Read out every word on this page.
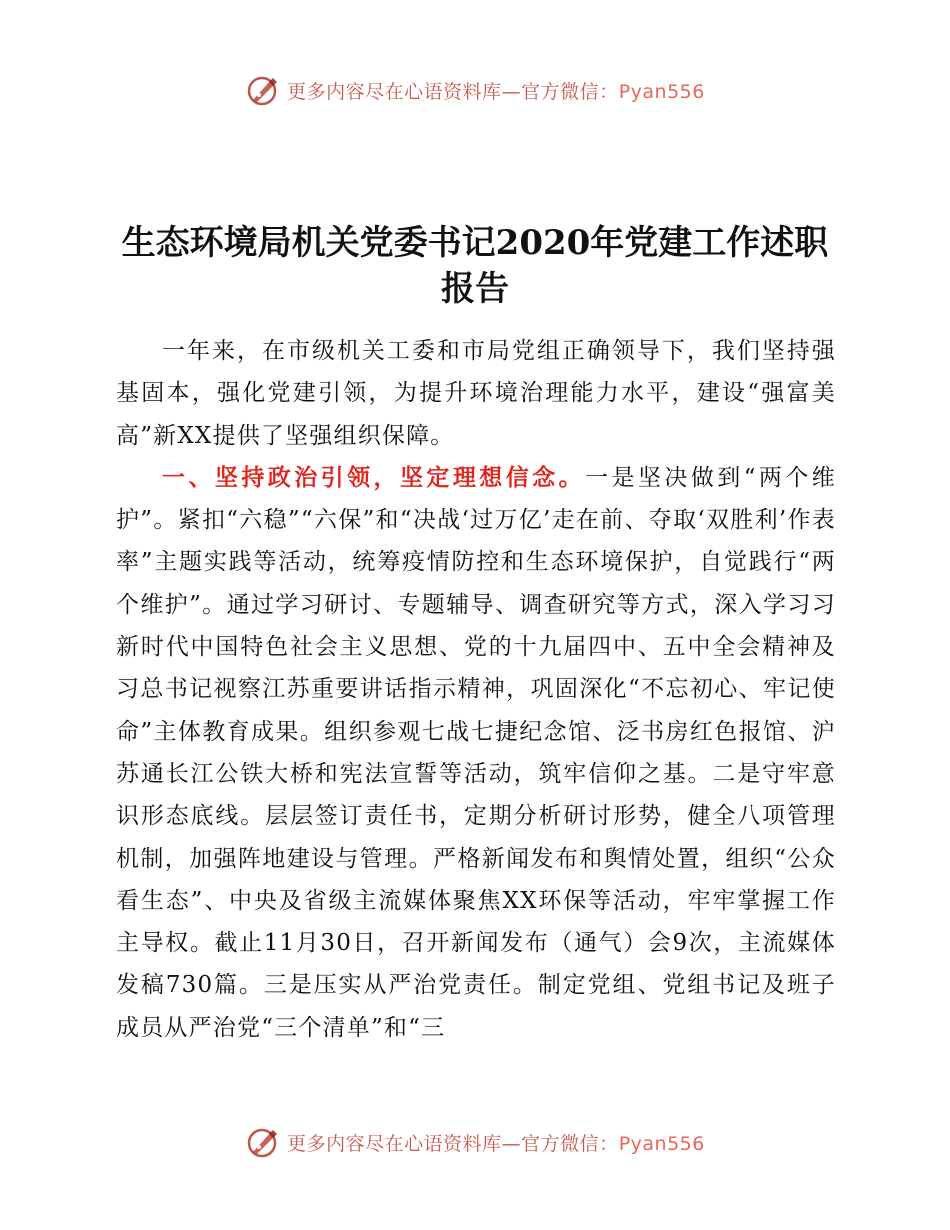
更多内容尽在心语资料库—官方微信：Pyan556
生态环境局机关党委书记2020年党建工作述职
报告

一年来，在市级机关工委和市局党组正确领导下，我们坚持强基固本，强化党建引领，为提升环境治理能力水平，建设“强富美高”新XX提供了坚强组织保障。

一、坚持政治引领，坚定理想信念。一是坚决做到“两个维护”。紧扣“六稳”“六保”和“决战‘过万亿’走在前、夺取‘双胜利’作表率”主题实践等活动，统筹疫情防控和生态环境保护，自觉践行“两个维护”。通过学习研讨、专题辅导、调查研究等方式，深入学习习新时代中国特色社会主义思想、党的十九届四中、五中全会精神及习总书记视察江苏重要讲话指示精神，巩固深化“不忘初心、牢记使命”主体教育成果。组织参观七战七捷纪念馆、泛书房红色报馆、沪苏通长江公铁大桥和宪法宣誓等活动，筑牢信仰之基。二是守牢意识形态底线。层层签订责任书，定期分析研讨形势，健全八项管理机制，加强阵地建设与管理。严格新闻发布和舆情处置，组织“公众看生态”、中央及省级主流媒体聚焦XX环保等活动，牢牢掌握工作主导权。截止11月30日，召开新闻发布（通气）会9次，主流媒体发稿730篇。三是压实从严治党责任。制定党组、党组书记及班子成员从严治党“三个清单”和“三

更多内容尽在心语资料库—官方微信：Pyan556
